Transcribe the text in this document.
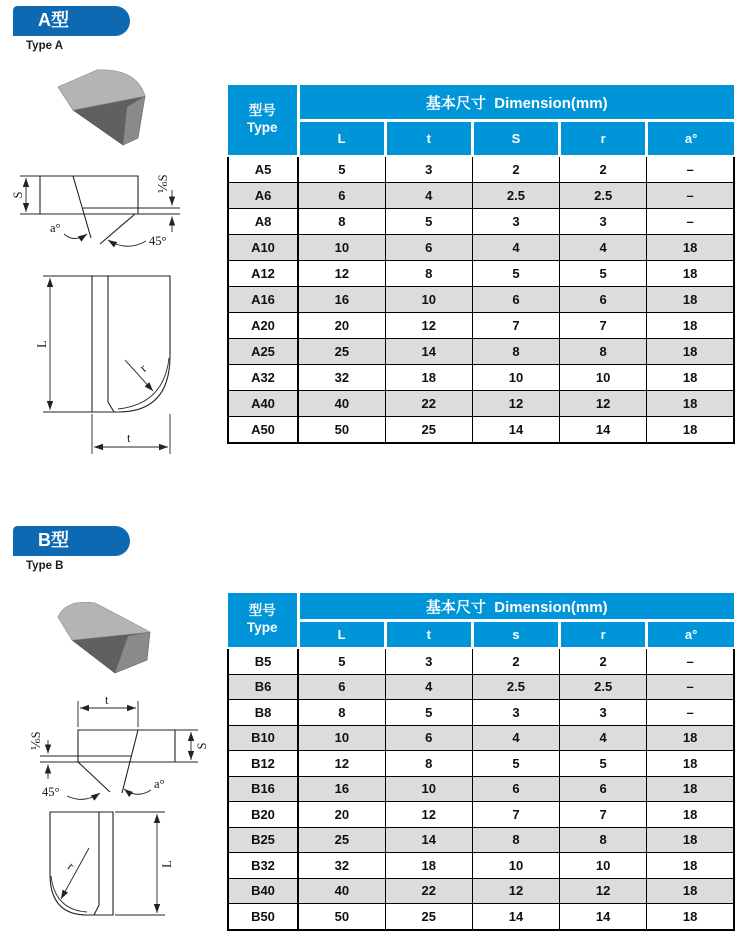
A型
Type A
S
⅙S
45°
a°
L
t
r
型号
Type	基本尺寸  Dimension(mm)				
	L	t	S	r	a°
A5	5	3	2	2	–
A6	6	4	2.5	2.5	–
A8	8	5	3	3	–
A10	10	6	4	4	18
A12	12	8	5	5	18
A16	16	10	6	6	18
A20	20	12	7	7	18
A25	25	14	8	8	18
A32	32	18	10	10	18
A40	40	22	12	12	18
A50	50	25	14	14	18
B型
Type B
t
⅙S
45°
a°
S
L
r
型号
Type	基本尺寸  Dimension(mm)				
	L	t	s	r	a°
B5	5	3	2	2	–
B6	6	4	2.5	2.5	–
B8	8	5	3	3	–
B10	10	6	4	4	18
B12	12	8	5	5	18
B16	16	10	6	6	18
B20	20	12	7	7	18
B25	25	14	8	8	18
B32	32	18	10	10	18
B40	40	22	12	12	18
B50	50	25	14	14	18
